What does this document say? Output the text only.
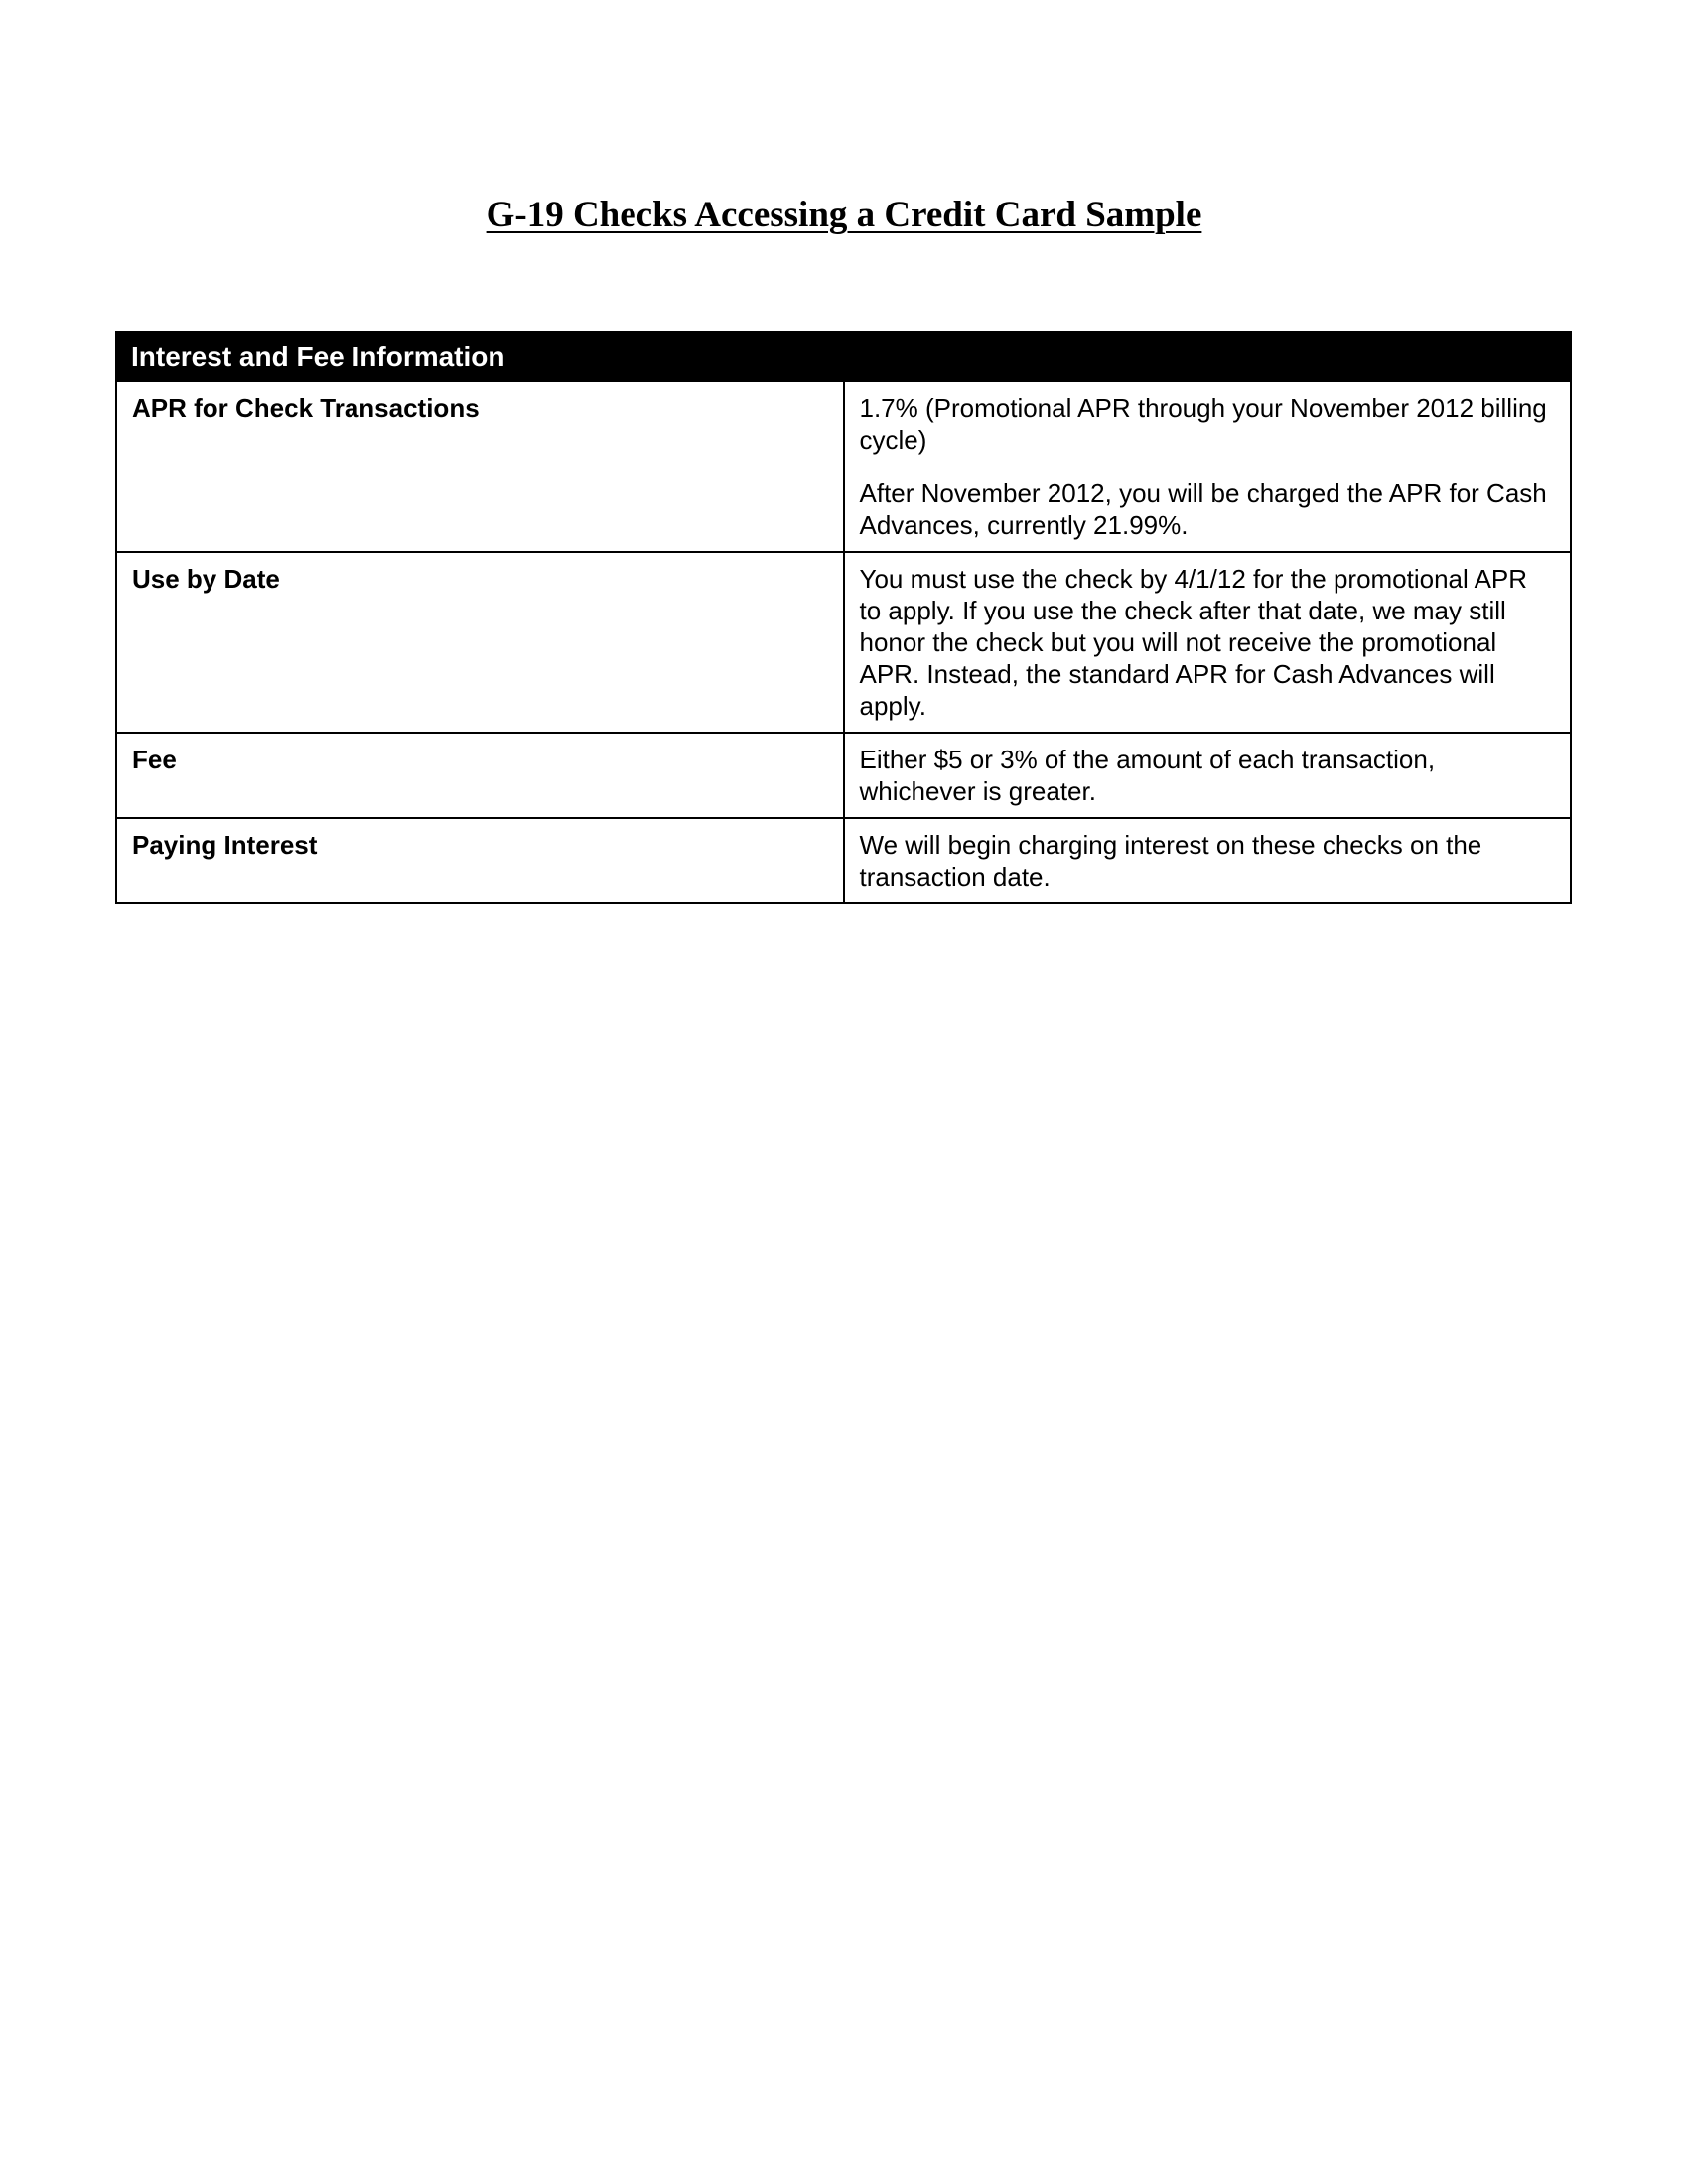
G-19 Checks Accessing a Credit Card Sample
Interest and Fee Information	
APR for Check Transactions	1.7% (Promotional APR through your November 2012 billing cycle)

After November 2012, you will be charged the APR for Cash Advances, currently 21.99%.

Use by Date	You must use the check by 4/1/12 for the promotional APR to apply. If you use the check after that date, we may still honor the check but you will not receive the promotional APR. Instead, the standard APR for Cash Advances will apply.

Fee	Either $5 or 3% of the amount of each transaction, whichever is greater.

Paying Interest	We will begin charging interest on these checks on the transaction date.
